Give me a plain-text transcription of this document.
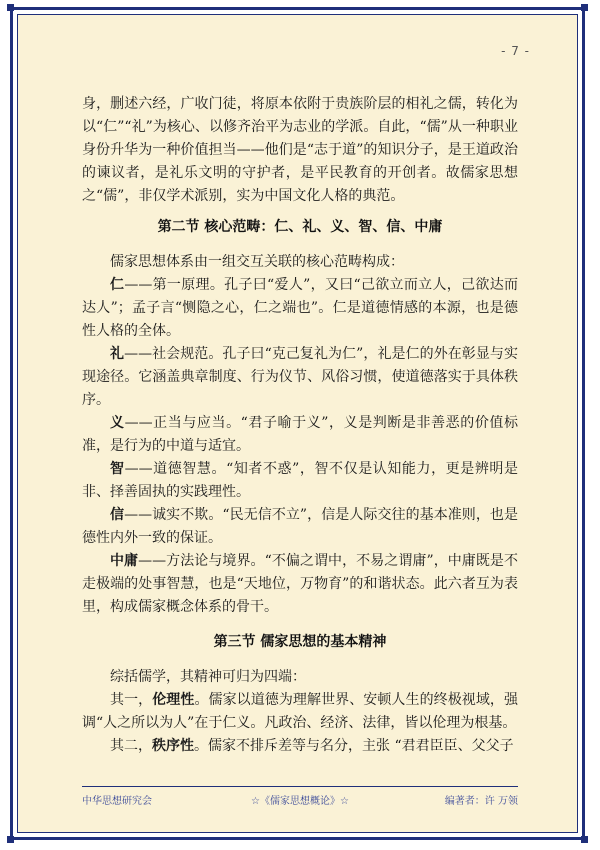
- 7 -

身，删述六经，广收门徒，将原本依附于贵族阶层的相礼之儒，转化为以“仁”“礼”为核心、以修齐治平为志业的学派。自此，“儒”从一种职业身份升华为一种价值担当——他们是“志于道”的知识分子，是王道政治的谏议者，是礼乐文明的守护者，是平民教育的开创者。故儒家思想之“儒”，非仅学术派别，实为中国文化人格的典范。

第二节 核心范畴：仁、礼、义、智、信、中庸

儒家思想体系由一组交互关联的核心范畴构成：

仁——第一原理。孔子曰“爱人”，又曰“己欲立而立人，己欲达而达人”；孟子言“恻隐之心，仁之端也”。仁是道德情感的本源，也是德性人格的全体。

礼——社会规范。孔子曰“克己复礼为仁”，礼是仁的外在彰显与实现途径。它涵盖典章制度、行为仪节、风俗习惯，使道德落实于具体秩序。

义——正当与应当。“君子喻于义”，义是判断是非善恶的价值标准，是行为的中道与适宜。

智——道德智慧。“知者不惑”，智不仅是认知能力，更是辨明是非、择善固执的实践理性。

信——诚实不欺。“民无信不立”，信是人际交往的基本准则，也是德性内外一致的保证。

中庸——方法论与境界。“不偏之谓中，不易之谓庸”，中庸既是不走极端的处事智慧，也是“天地位，万物育”的和谐状态。此六者互为表里，构成儒家概念体系的骨干。

第三节 儒家思想的基本精神

综括儒学，其精神可归为四端：

其一，伦理性。儒家以道德为理解世界、安顿人生的终极视域，强调“人之所以为人”在于仁义。凡政治、经济、法律，皆以伦理为根基。

其二，秩序性。儒家不排斥差等与名分，主张 “君君臣臣、父父子

中华思想研究会	☆《儒家思想概论》☆	编著者：许 万领
